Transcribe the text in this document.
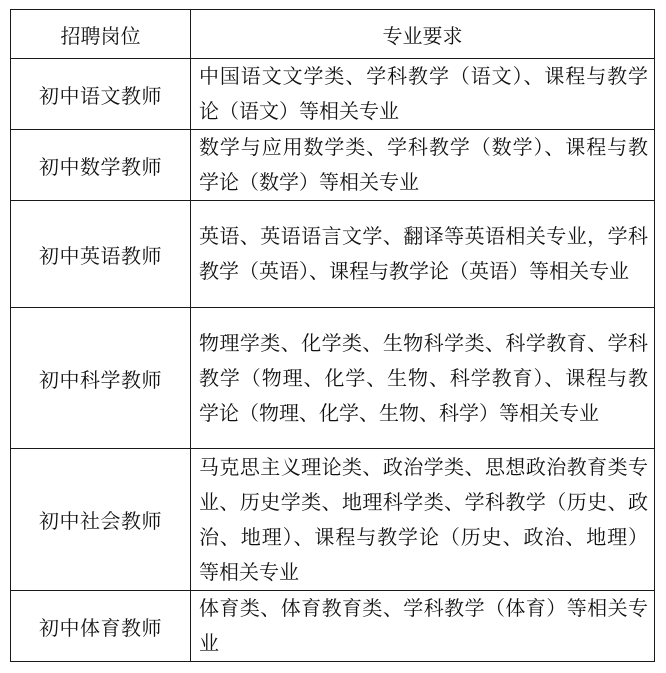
招聘岗位	专业要求
初中语文教师	中国语文文学类、学科教学（语文）、课程与教学论（语文）等相关专业
初中数学教师	数学与应用数学类、学科教学（数学）、课程与教学论（数学）等相关专业
初中英语教师	英语、英语语言文学、翻译等英语相关专业，学科教学（英语）、课程与教学论（英语）等相关专业
初中科学教师	物理学类、化学类、生物科学类、科学教育、学科教学（物理、化学、生物、科学教育）、课程与教学论（物理、化学、生物、科学）等相关专业
初中社会教师	马克思主义理论类、政治学类、思想政治教育类专业、历史学类、地理科学类、学科教学（历史、政治、地理）、课程与教学论（历史、政治、地理）等相关专业
初中体育教师	体育类、体育教育类、学科教学（体育）等相关专业
